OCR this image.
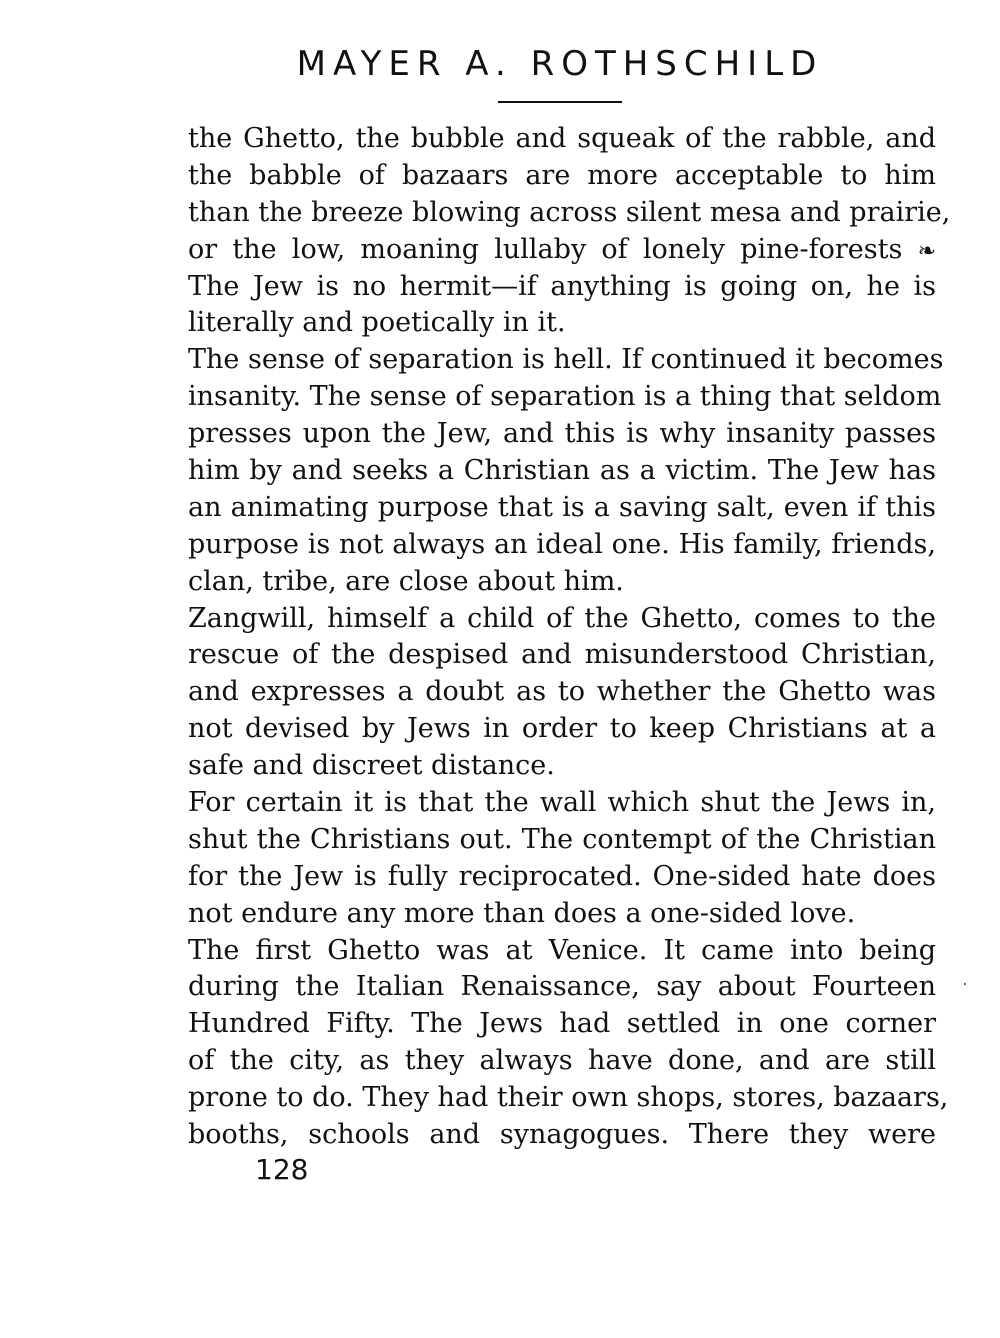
MAYER A. ROTHSCHILD
the Ghetto, the bubble and squeak of the rabble, and
the babble of bazaars are more acceptable to him
than the breeze blowing across silent mesa and prairie,
or the low, moaning lullaby of lonely pine-forests ❧
The Jew is no hermit—if anything is going on, he is
literally and poetically in it.
The sense of separation is hell. If continued it becomes
insanity. The sense of separation is a thing that seldom
presses upon the Jew, and this is why insanity passes
him by and seeks a Christian as a victim. The Jew has
an animating purpose that is a saving salt, even if this
purpose is not always an ideal one. His family, friends,
clan, tribe, are close about him.
Zangwill, himself a child of the Ghetto, comes to the
rescue of the despised and misunderstood Christian,
and expresses a doubt as to whether the Ghetto was
not devised by Jews in order to keep Christians at a
safe and discreet distance.
For certain it is that the wall which shut the Jews in,
shut the Christians out. The contempt of the Christian
for the Jew is fully reciprocated. One-sided hate does
not endure any more than does a one-sided love.
The first Ghetto was at Venice. It came into being
during the Italian Renaissance, say about Fourteen
Hundred Fifty. The Jews had settled in one corner
of the city, as they always have done, and are still
prone to do. They had their own shops, stores, bazaars,
booths, schools and synagogues. There they were
128
